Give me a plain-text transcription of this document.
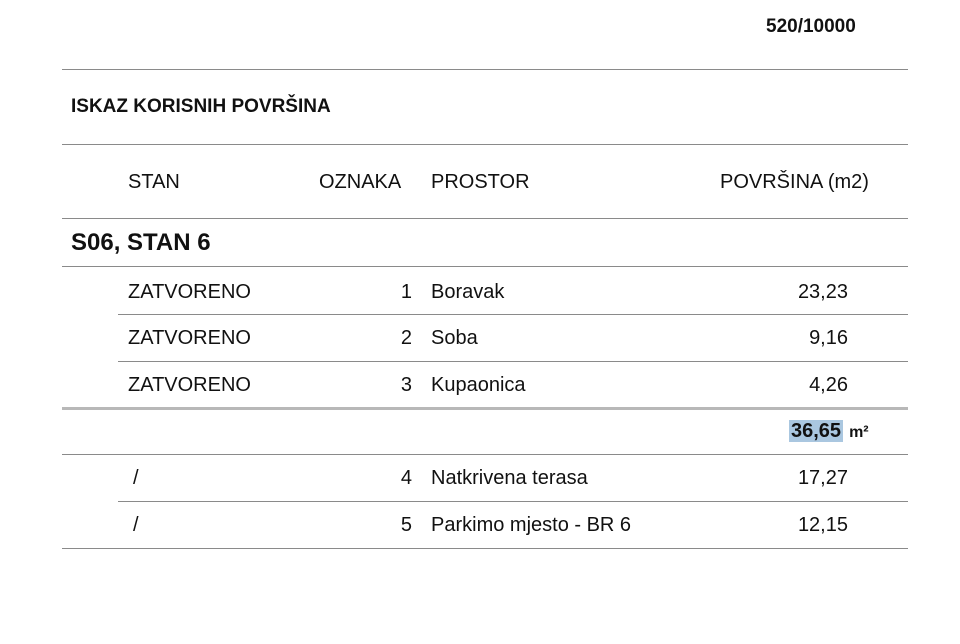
520/10000
ISKAZ KORISNIH POVRŠINA
STAN	OZNAKA PROSTOR	POVRŠINA (m2)
S06, STAN 6
ZATVORENO	1 Boravak	23,23
ZATVORENO	2 Soba	9,16
ZATVORENO	3 Kupaonica	4,26
36,65 m²
/	4 Natkrivena terasa	17,27
/	5 Parkimo mjesto - BR 6	12,15
